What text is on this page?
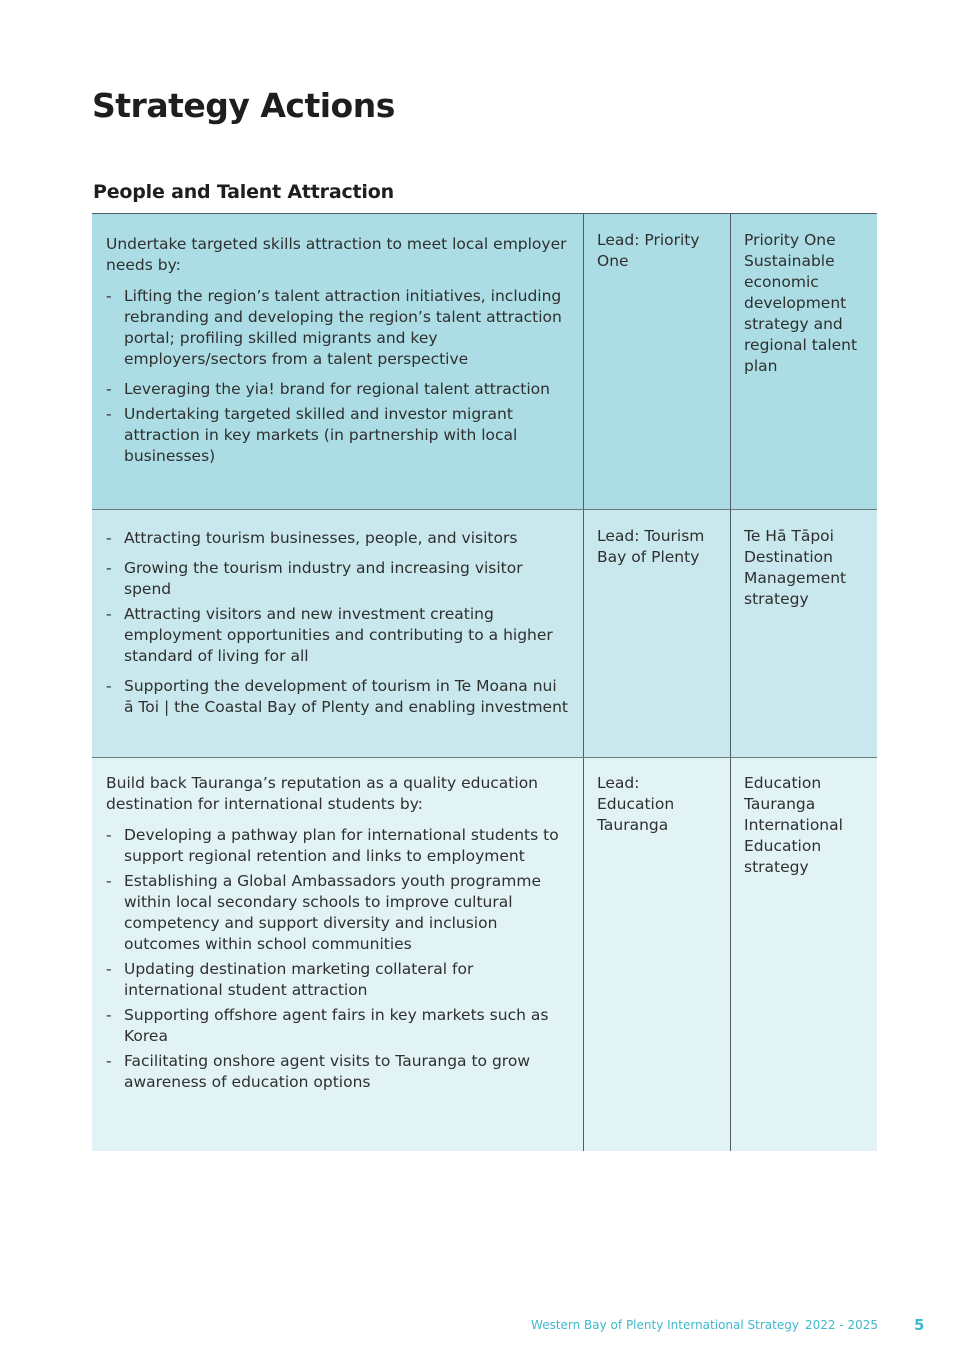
Strategy Actions
People and Talent Attraction

Undertake targeted skills attraction to meet local employer needs by:

- Lifting the region’s talent attraction initiatives, including rebranding and developing the region’s talent attraction portal; profiling skilled migrants and key employers/sectors from a talent perspective
- Leveraging the yia! brand for regional talent attraction
- Undertaking targeted skilled and investor migrant attraction in key markets (in partnership with local businesses)
Lead: Priority One
Priority One Sustainable economic development strategy and regional talent plan
- Attracting tourism businesses, people, and visitors
- Growing the tourism industry and increasing visitor spend
- Attracting visitors and new investment creating employment opportunities and contributing to a higher standard of living for all
- Supporting the development of tourism in Te Moana nui ā Toi | the Coastal Bay of Plenty and enabling investment
Lead: Tourism Bay of Plenty
Te Hā Tāpoi Destination Management strategy

Build back Tauranga’s reputation as a quality education destination for international students by:

- Developing a pathway plan for international students to support regional retention and links to employment
- Establishing a Global Ambassadors youth programme within local secondary schools to improve cultural competency and support diversity and inclusion outcomes within school communities
- Updating destination marketing collateral for international student attraction
- Supporting offshore agent fairs in key markets such as Korea
- Facilitating onshore agent visits to Tauranga to grow awareness of education options
Lead: Education Tauranga
Education Tauranga International Education strategy
Western Bay of Plenty International Strategy 2022 - 2025 5
